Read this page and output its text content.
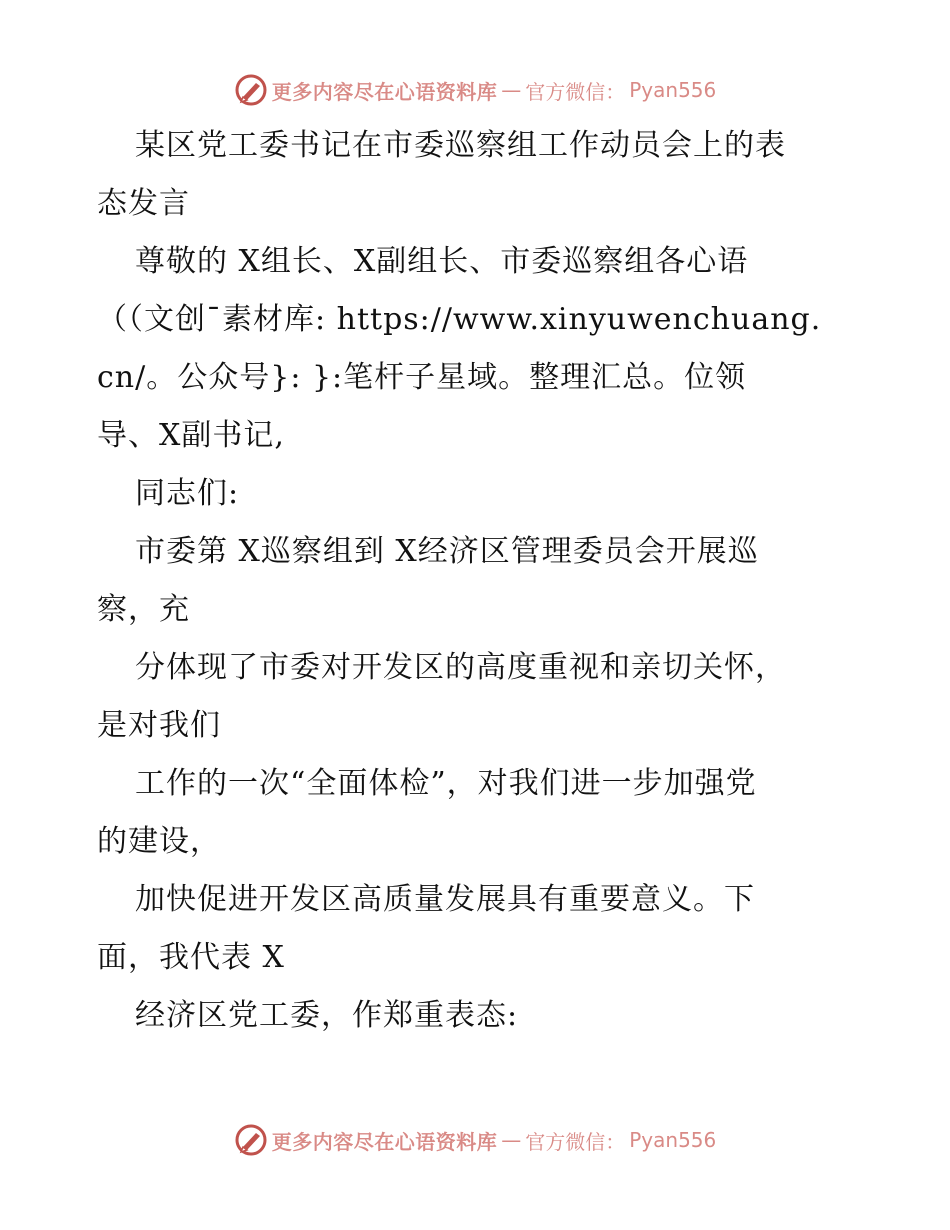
更多内容尽在心语资料库 — 官方微信： Pyan556
某区党工委书记在市委巡察组工作动员会上的表
态发言
尊敬的 X组长、X副组长、市委巡察组各心语
（（文创¯素材库: https://www.xinyuwenchuang.
cn/。公众号}: }:笔杆子星域。整理汇总。位领
导、X副书记,
同志们:
市委第 X巡察组到 X经济区管理委员会开展巡
察，充
分体现了市委对开发区的高度重视和亲切关怀，
是对我们
工作的一次“全面体检”，对我们进一步加强党
的建设，
加快促进开发区高质量发展具有重要意义。下
面，我代表 X
经济区党工委，作郑重表态:
更多内容尽在心语资料库 — 官方微信： Pyan556
